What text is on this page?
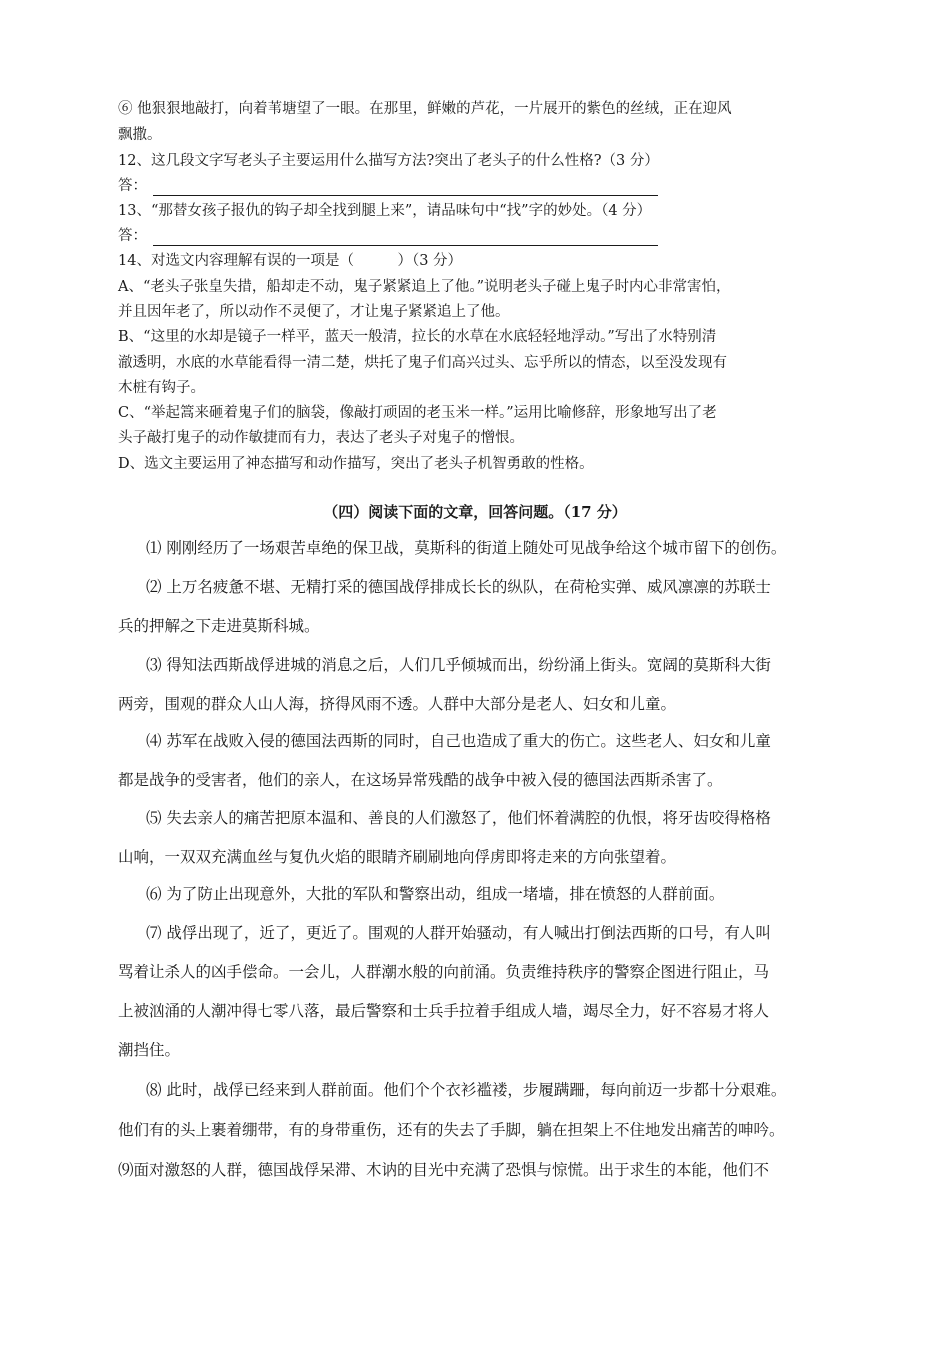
⑥ 他狠狠地敲打，向着苇塘望了一眼。在那里，鲜嫩的芦花，一片展开的紫色的丝绒，正在迎风
飘撒。
12、这几段文字写老头子主要运用什么描写方法?突出了老头子的什么性格?（3 分）
答：
13、“那替女孩子报仇的钩子却全找到腿上来”，请品味句中“找”字的妙处。（4 分）
答：
14、对选文内容理解有误的一项是（　　　）（3 分）
A、“老头子张皇失措，船却走不动，鬼子紧紧追上了他。”说明老头子碰上鬼子时内心非常害怕，
并且因年老了，所以动作不灵便了，才让鬼子紧紧追上了他。
B、“这里的水却是镜子一样平，蓝天一般清，拉长的水草在水底轻轻地浮动。”写出了水特别清
澈透明，水底的水草能看得一清二楚，烘托了鬼子们高兴过头、忘乎所以的情态，以至没发现有
木桩有钩子。
C、“举起篙来砸着鬼子们的脑袋，像敲打顽固的老玉米一样。”运用比喻修辞，形象地写出了老
头子敲打鬼子的动作敏捷而有力，表达了老头子对鬼子的憎恨。
D、选文主要运用了神态描写和动作描写，突出了老头子机智勇敢的性格。
（四）阅读下面的文章，回答问题。（17 分）
⑴ 刚刚经历了一场艰苦卓绝的保卫战，莫斯科的街道上随处可见战争给这个城市留下的创伤。
⑵ 上万名疲惫不堪、无精打采的德国战俘排成长长的纵队，在荷枪实弹、威风凛凛的苏联士
兵的押解之下走进莫斯科城。
⑶ 得知法西斯战俘进城的消息之后，人们几乎倾城而出，纷纷涌上街头。宽阔的莫斯科大街
两旁，围观的群众人山人海，挤得风雨不透。人群中大部分是老人、妇女和儿童。
⑷ 苏军在战败入侵的德国法西斯的同时，自己也造成了重大的伤亡。这些老人、妇女和儿童
都是战争的受害者，他们的亲人，在这场异常残酷的战争中被入侵的德国法西斯杀害了。
⑸ 失去亲人的痛苦把原本温和、善良的人们激怒了，他们怀着满腔的仇恨，将牙齿咬得格格
山响，一双双充满血丝与复仇火焰的眼睛齐刷刷地向俘虏即将走来的方向张望着。
⑹ 为了防止出现意外，大批的军队和警察出动，组成一堵墙，排在愤怒的人群前面。
⑺ 战俘出现了，近了，更近了。围观的人群开始骚动，有人喊出打倒法西斯的口号，有人叫
骂着让杀人的凶手偿命。一会儿，人群潮水般的向前涌。负责维持秩序的警察企图进行阻止，马
上被汹涌的人潮冲得七零八落，最后警察和士兵手拉着手组成人墙，竭尽全力，好不容易才将人
潮挡住。
⑻ 此时，战俘已经来到人群前面。他们个个衣衫褴褛，步履蹒跚，每向前迈一步都十分艰难。
他们有的头上裹着绷带，有的身带重伤，还有的失去了手脚，躺在担架上不住地发出痛苦的呻吟。
⑼面对激怒的人群，德国战俘呆滞、木讷的目光中充满了恐惧与惊慌。出于求生的本能，他们不
